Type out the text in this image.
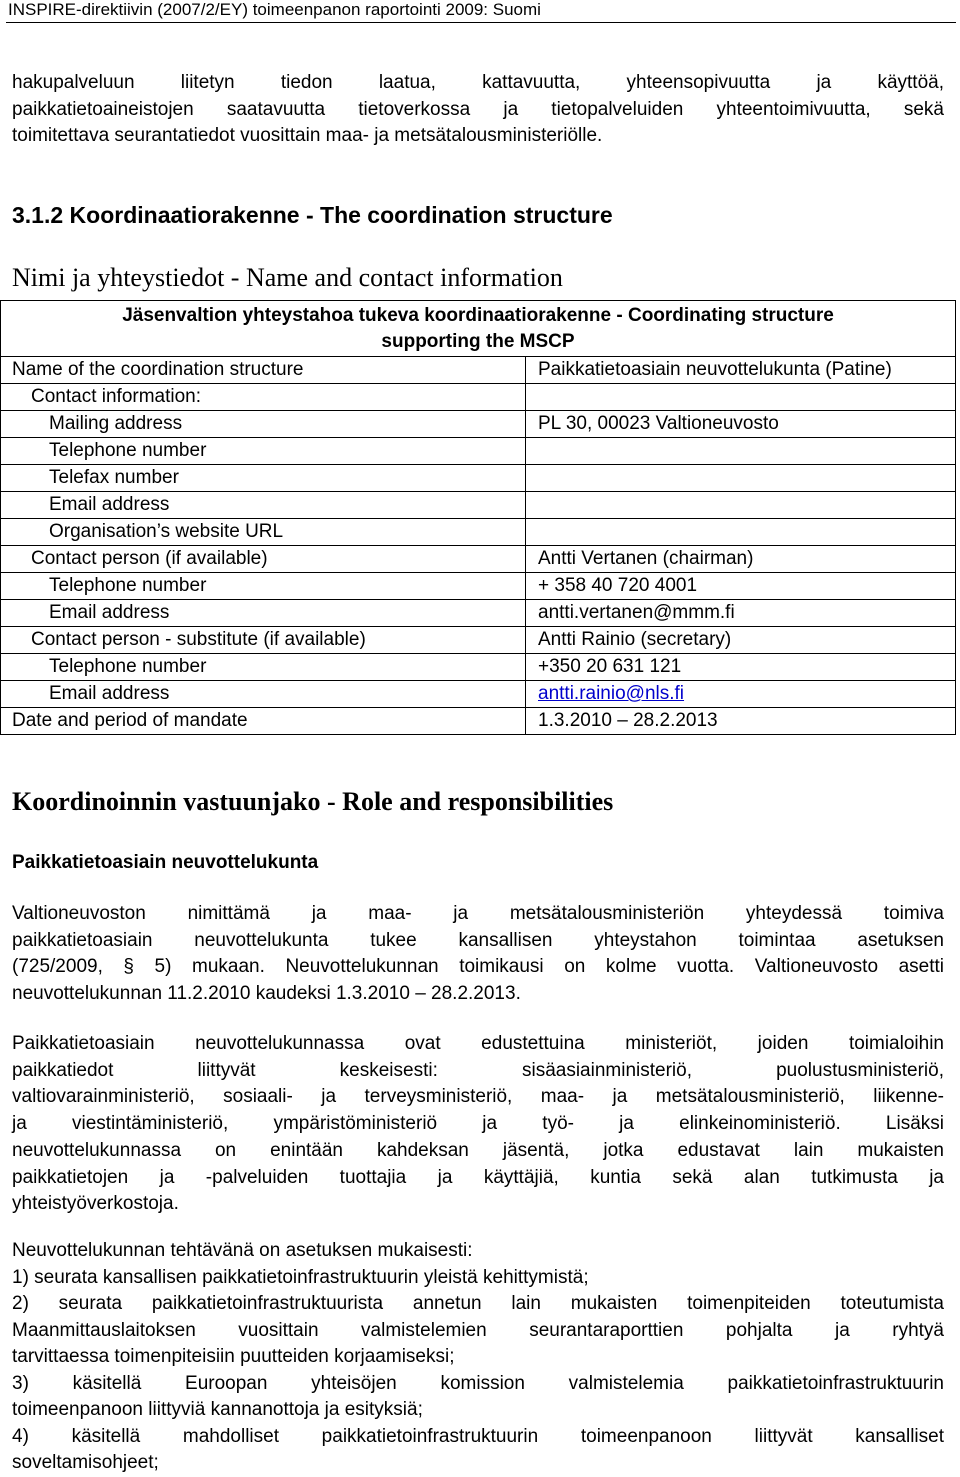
INSPIRE-direktiivin (2007/2/EY) toimeenpanon raportointi 2009: Suomi
hakupalveluun liitetyn tiedon laatua, kattavuutta, yhteensopivuutta ja käyttöä,
paikkatietoaineistojen saatavuutta tietoverkossa ja tietopalveluiden yhteentoimivuutta, sekä
toimitettava seurantatiedot vuosittain maa- ja metsätalousministeriölle.
3.1.2 Koordinaatiorakenne - The coordination structure
Nimi ja yhteystiedot - Name and contact information
Jäsenvaltion yhteystahoa tukeva koordinaatiorakenne - Coordinating structure
supporting the MSCP	

Name of the coordination structure	Paikkatietoasiain neuvottelukunta (Patine)
Contact information:	
Mailing address	PL 30, 00023 Valtioneuvosto
Telephone number	
Telefax number	
Email address	
Organisation’s website URL	
Contact person (if available)	Antti Vertanen (chairman)
Telephone number	+ 358 40 720 4001
Email address	antti.vertanen@mmm.fi
Contact person - substitute (if available)	Antti Rainio (secretary)
Telephone number	+350 20 631 121
Email address	antti.rainio@nls.fi
Date and period of mandate	1.3.2010 – 28.2.2013
Koordinoinnin vastuunjako - Role and responsibilities
Paikkatietoasiain neuvottelukunta
Valtioneuvoston nimittämä ja maa- ja metsätalousministeriön yhteydessä toimiva
paikkatietoasiain neuvottelukunta tukee kansallisen yhteystahon toimintaa asetuksen
(725/2009, § 5) mukaan. Neuvottelukunnan toimikausi on kolme vuotta. Valtioneuvosto asetti
neuvottelukunnan 11.2.2010 kaudeksi 1.3.2010 – 28.2.2013.
Paikkatietoasiain neuvottelukunnassa ovat edustettuina ministeriöt, joiden toimialoihin
paikkatiedot liittyvät keskeisesti: sisäasiainministeriö, puolustusministeriö,
valtiovarainministeriö, sosiaali- ja terveysministeriö, maa- ja metsätalousministeriö, liikenne-
ja viestintäministeriö, ympäristöministeriö ja työ- ja elinkeinoministeriö. Lisäksi
neuvottelukunnassa on enintään kahdeksan jäsentä, jotka edustavat lain mukaisten
paikkatietojen ja -palveluiden tuottajia ja käyttäjiä, kuntia sekä alan tutkimusta ja
yhteistyöverkostoja.
Neuvottelukunnan tehtävänä on asetuksen mukaisesti:
1) seurata kansallisen paikkatietoinfrastruktuurin yleistä kehittymistä;
2) seurata paikkatietoinfrastruktuurista annetun lain mukaisten toimenpiteiden toteutumista
Maanmittauslaitoksen vuosittain valmistelemien seurantaraporttien pohjalta ja ryhtyä
tarvittaessa toimenpiteisiin puutteiden korjaamiseksi;
3) käsitellä Euroopan yhteisöjen komission valmistelemia paikkatietoinfrastruktuurin
toimeenpanoon liittyviä kannanottoja ja esityksiä;
4) käsitellä mahdolliset paikkatietoinfrastruktuurin toimeenpanoon liittyvät kansalliset
soveltamisohjeet;
